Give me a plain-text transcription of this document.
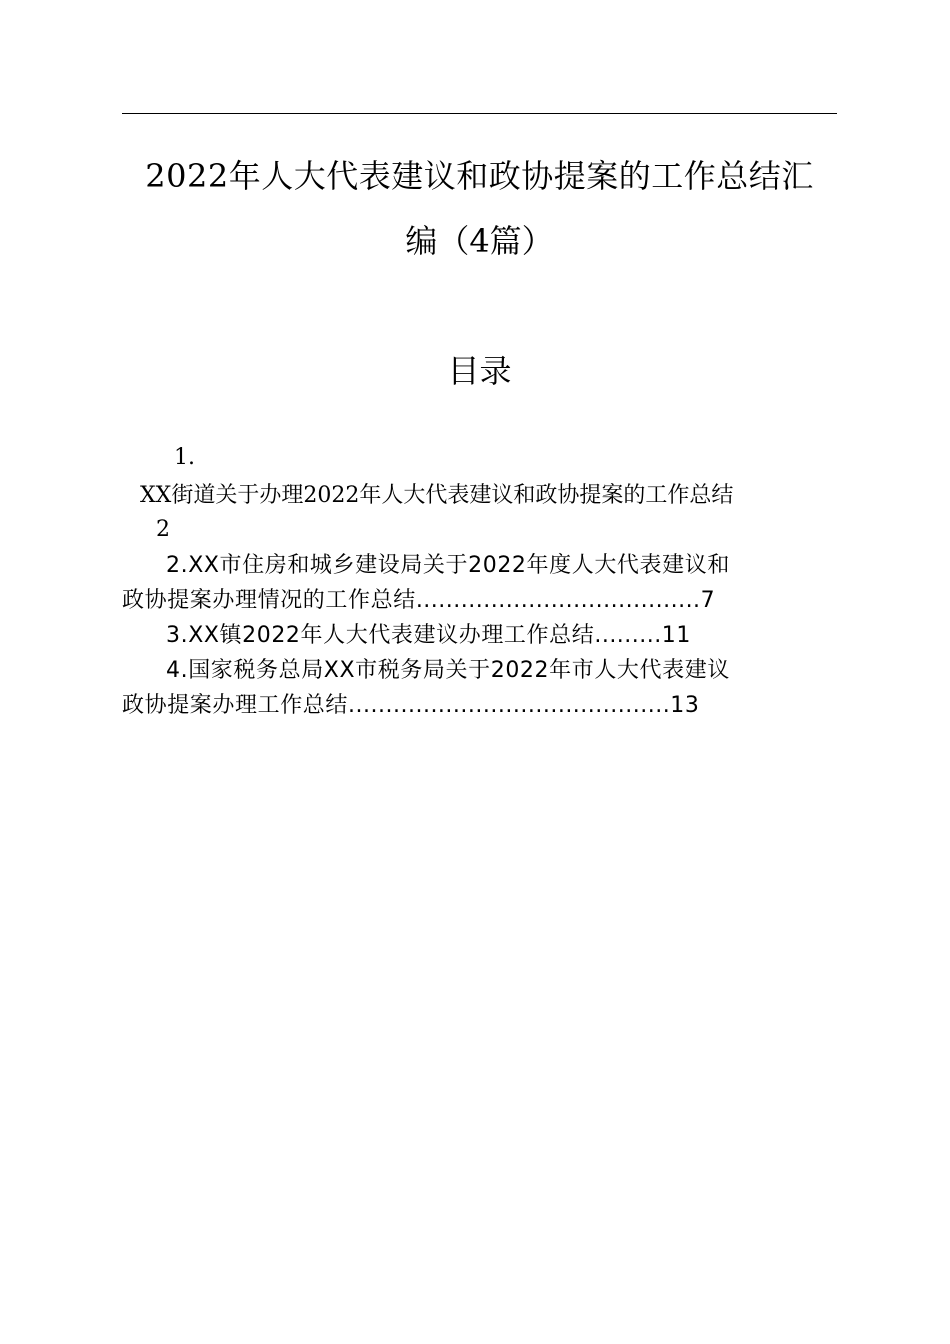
2022年人大代表建议和政协提案的工作总结汇
编（4篇）
目录
1.
XX街道关于办理2022年人大代表建议和政协提案的工作总结
2
2.XX市住房和城乡建设局关于2022年度人大代表建议和
政协提案办理情况的工作总结......................................7
3.XX镇2022年人大代表建议办理工作总结.........11
4.国家税务总局XX市税务局关于2022年市人大代表建议
政协提案办理工作总结...........................................13
